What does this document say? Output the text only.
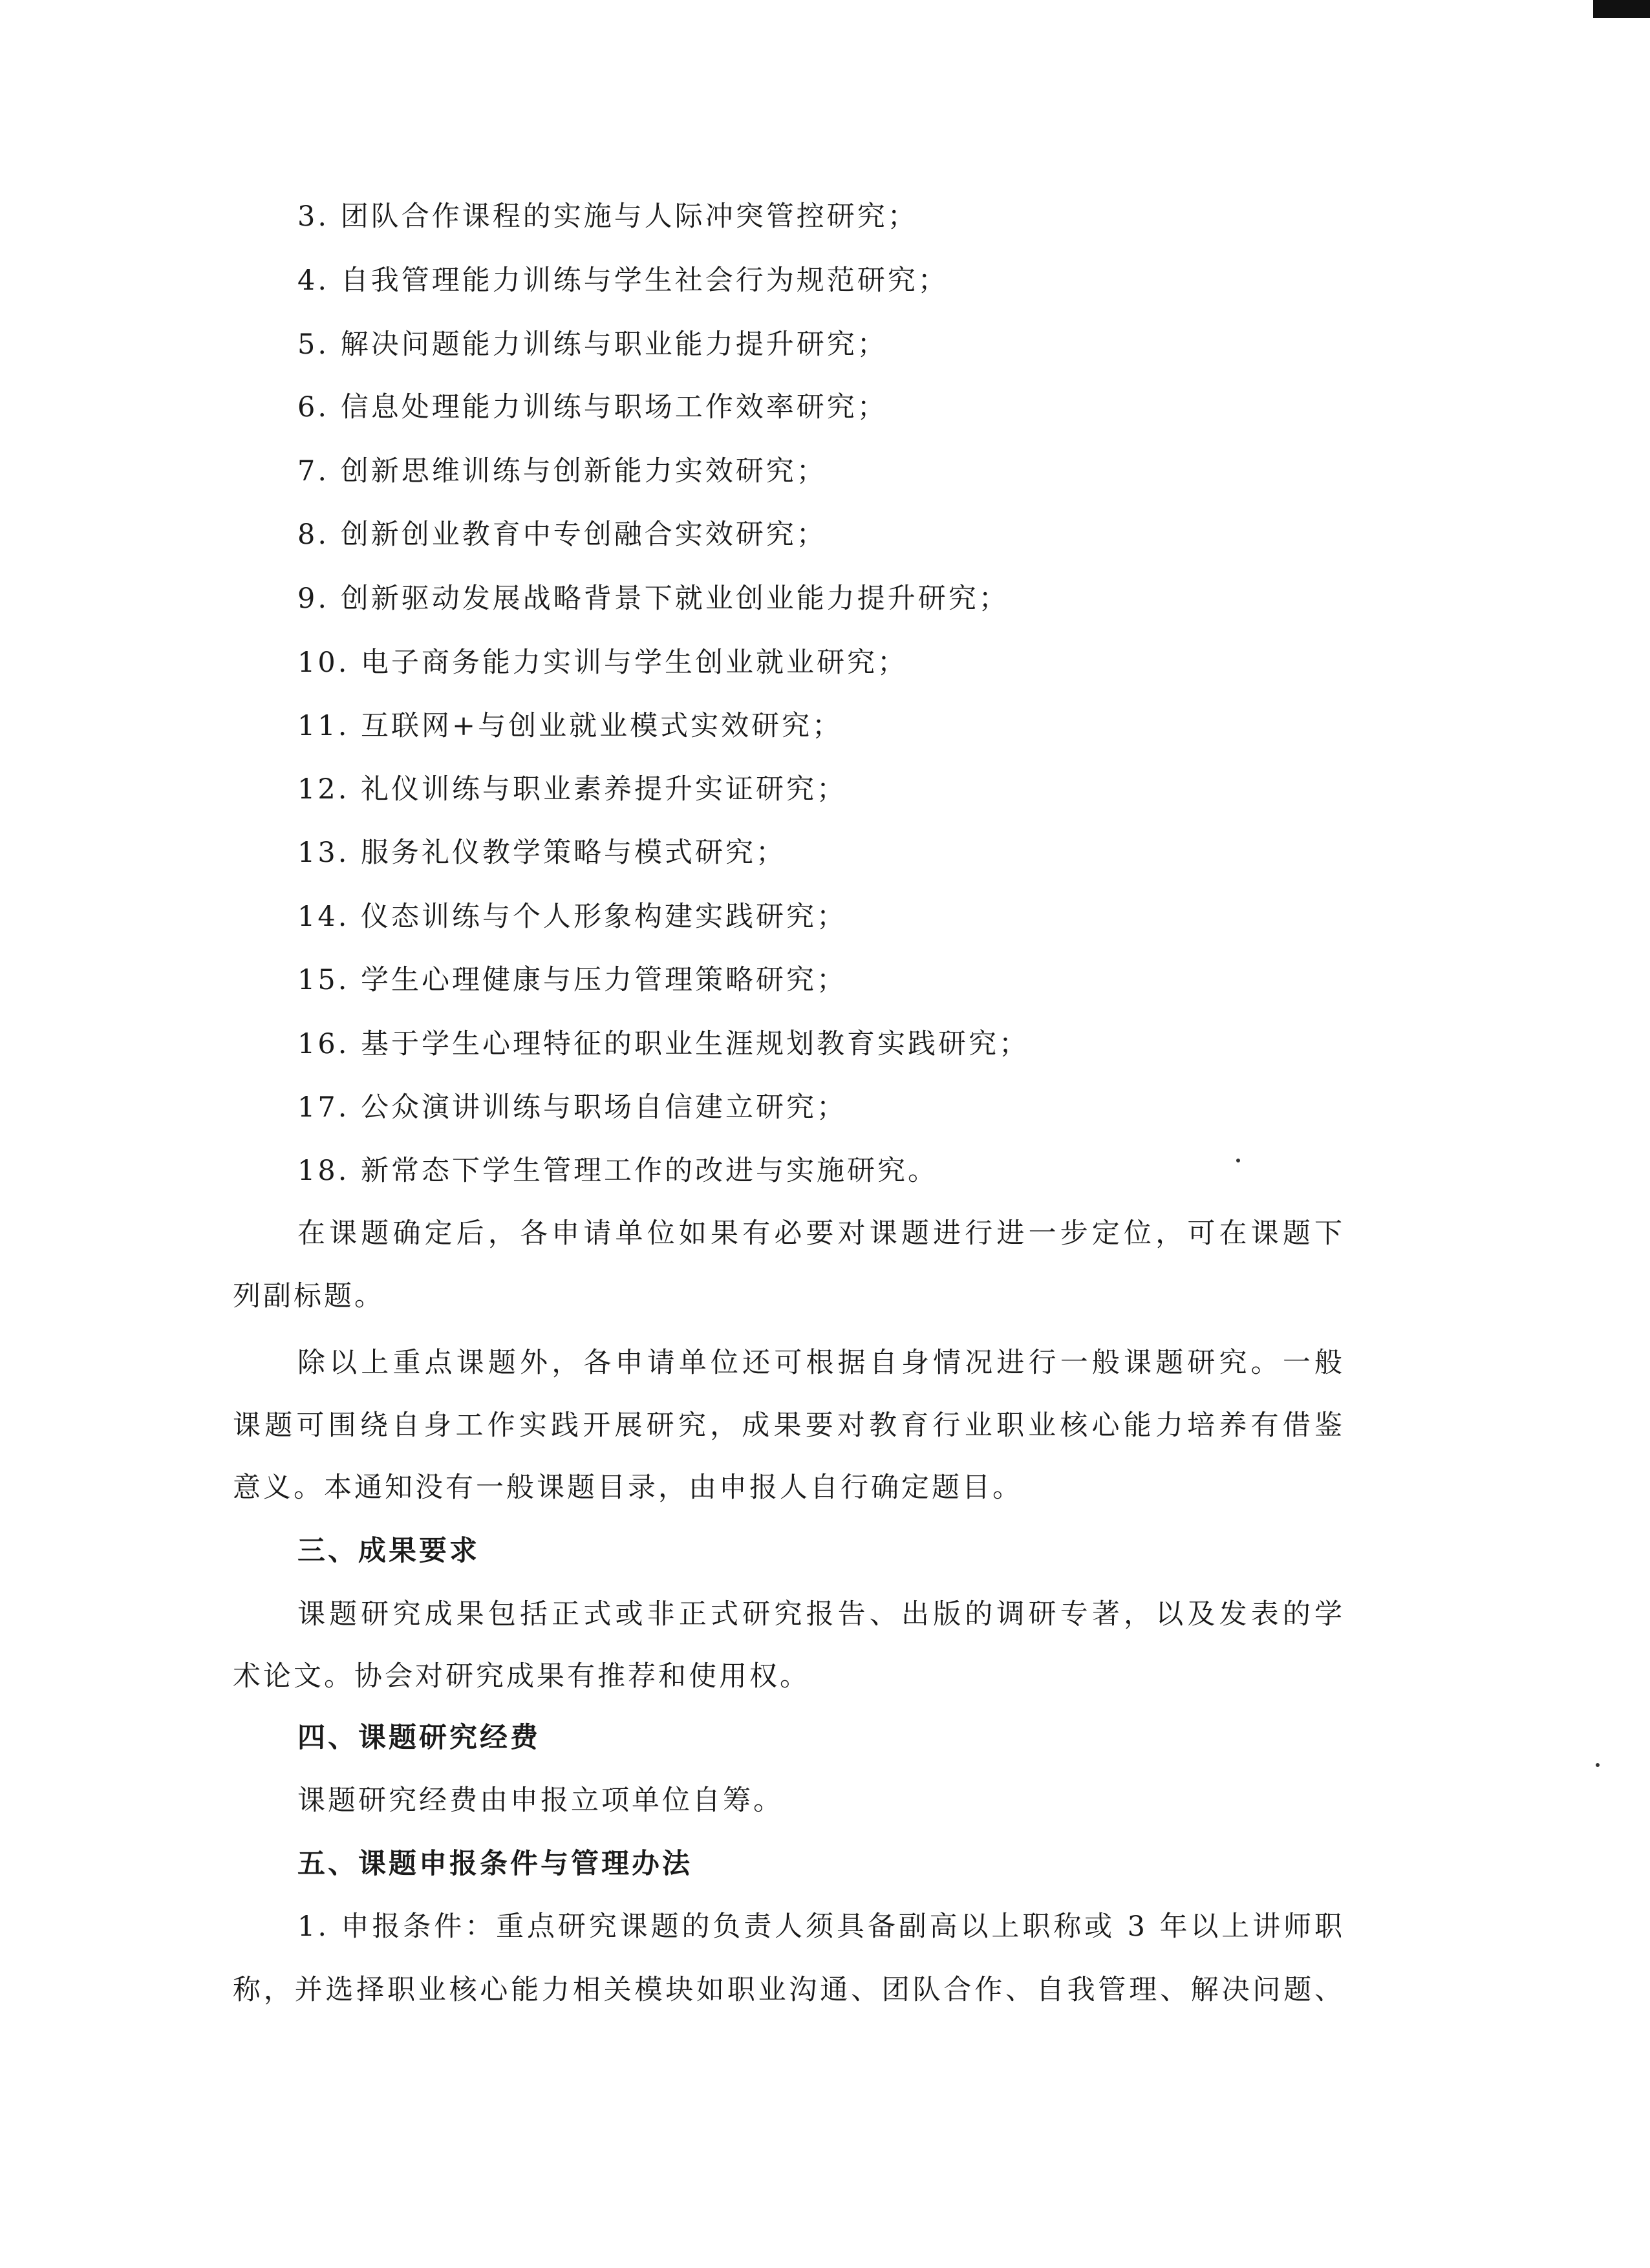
3. 团队合作课程的实施与人际冲突管控研究；
4. 自我管理能力训练与学生社会行为规范研究；
5. 解决问题能力训练与职业能力提升研究；
6. 信息处理能力训练与职场工作效率研究；
7. 创新思维训练与创新能力实效研究；
8. 创新创业教育中专创融合实效研究；
9. 创新驱动发展战略背景下就业创业能力提升研究；
10. 电子商务能力实训与学生创业就业研究；
11. 互联网+与创业就业模式实效研究；
12. 礼仪训练与职业素养提升实证研究；
13. 服务礼仪教学策略与模式研究；
14. 仪态训练与个人形象构建实践研究；
15. 学生心理健康与压力管理策略研究；
16. 基于学生心理特征的职业生涯规划教育实践研究；
17. 公众演讲训练与职场自信建立研究；
18. 新常态下学生管理工作的改进与实施研究。
在课题确定后，各申请单位如果有必要对课题进行进一步定位，可在课题下
列副标题。
除以上重点课题外，各申请单位还可根据自身情况进行一般课题研究。一般
课题可围绕自身工作实践开展研究，成果要对教育行业职业核心能力培养有借鉴
意义。本通知没有一般课题目录，由申报人自行确定题目。
三、成果要求
课题研究成果包括正式或非正式研究报告、出版的调研专著，以及发表的学
术论文。协会对研究成果有推荐和使用权。
四、课题研究经费
课题研究经费由申报立项单位自筹。
五、课题申报条件与管理办法
1. 申报条件：重点研究课题的负责人须具备副高以上职称或 3 年以上讲师职
称，并选择职业核心能力相关模块如职业沟通、团队合作、自我管理、解决问题、
